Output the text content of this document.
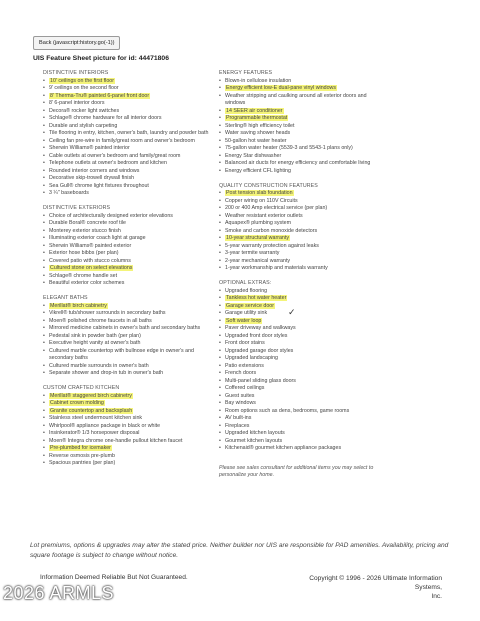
Back (javascript:history.go(-1))
UIS Feature Sheet picture for id: 44471806
DISTINCTIVE INTERIORS
• 10' ceilings on the first floor
• 9' ceilings on the second floor
• 8' Therma-Tru® painted 6-panel front door
• 8' 6-panel interior doors
• Decora® rocker light switches
• Schlage® chrome hardware for all interior doors
• Durable and stylish carpeting
• Tile flooring in entry, kitchen, owner's bath, laundry and powder bath
• Ceiling fan pre-wire in family/great room and owner's bedroom
• Sherwin Williams® painted interior
• Cable outlets at owner's bedroom and family/great room
• Telephone outlets at owner's bedroom and kitchen
• Rounded interior corners and windows
• Decorative skip-trowell drywall finish
• Sea Gull® chrome light fixtures throughout
• 3 ¼" baseboards
DISTINCTIVE EXTERIORS
• Choice of architecturally designed exterior elevations
• Durable Boral® concrete roof tile
• Monterey exterior stucco finish
• Illuminating exterior coach light at garage
• Sherwin Williams® painted exterior
• Exterior hose bibbs (per plan)
• Covered patio with stucco columns
• Cultured stone on select elevations
• Schlage® chrome handle set
• Beautiful exterior color schemes
ELEGANT BATHS
• Merillat® birch cabinetry
• Vikrell® tub/shower surrounds in secondary baths
• Moen® polished chrome faucets in all baths
• Mirrored medicine cabinets in owner's bath and secondary baths
• Pedestal sink in powder bath (per plan)
• Executive height vanity at owner's bath
• Cultured marble countertop with bullnose edge in owner's and
secondary baths
• Cultured marble surrounds in owner's bath
• Separate shower and drop-in tub in owner's bath
CUSTOM CRAFTED KITCHEN
• Merillat® staggered birch cabinetry
• Cabinet crown molding
• Granite countertop and backsplash
• Stainless steel undermount kitchen sink
• Whirlpool® appliance package in black or white
• Insinkerator® 1/3 horsepower disposal
• Moen® Integra chrome one-handle pullout kitchen faucet
• Pre-plumbed for icemaker
• Reverse osmosis pre-plumb
• Spacious pantries (per plan)
ENERGY FEATURES
• Blown-in cellulose insulation
• Energy efficient low-E dual-pane vinyl windows
• Weather stripping and caulking around all exterior doors and
windows
• 14 SEER air conditioner
• Programmable thermostat
• Sterling® high efficiency toilet
• Water saving shower heads
• 50-gallon hot water heater
• 75-gallon water heater (5539-3 and 5543-1 plans only)
• Energy Star dishwasher
• Balanced air ducts for energy efficiency and comfortable living
• Energy efficient CFL lighting
QUALITY CONSTRUCTION FEATURES
• Post tension slab foundation
• Copper wiring on 110V Circuits
• 200 or 400 Amp electrical service (per plan)
• Weather resistant exterior outlets
• Aquapex® plumbing system
• Smoke and carbon monoxide detectors
• 10-year structural warranty
• 5-year warranty protection against leaks
• 3-year termite warranty
• 2-year mechanical warranty
• 1-year workmanship and materials warranty
OPTIONAL EXTRAS:
• Upgraded flooring
• Tankless hot water heater
• Garage service door
• Garage utility sink
• Soft water loop
• Paver driveway and walkways
• Upgraded front door styles
• Front door stains
• Upgraded garage door styles
• Upgraded landscaping
• Patio extensions
• French doors
• Multi-panel sliding glass doors
• Coffered ceilings
• Guest suites
• Bay windows
• Room options such as dens, bedrooms, game rooms
• AV built-ins
• Fireplaces
• Upgraded kitchen layouts
• Gourmet kitchen layouts
• Kitchenaid® gourmet kitchen appliance packages
Please see sales consultant for additional items you may select to personalize your home.
✓
Lot premiums, options & upgrades may alter the stated price. Neither builder nor UIS are responsible for PAD amenities. Availability, pricing and square footage is subject to change without notice.
Information Deemed Reliable But Not Guaranteed.	Copyright © 1996 - 2026 Ultimate Information Systems,
Inc.
2026 ARMLS
